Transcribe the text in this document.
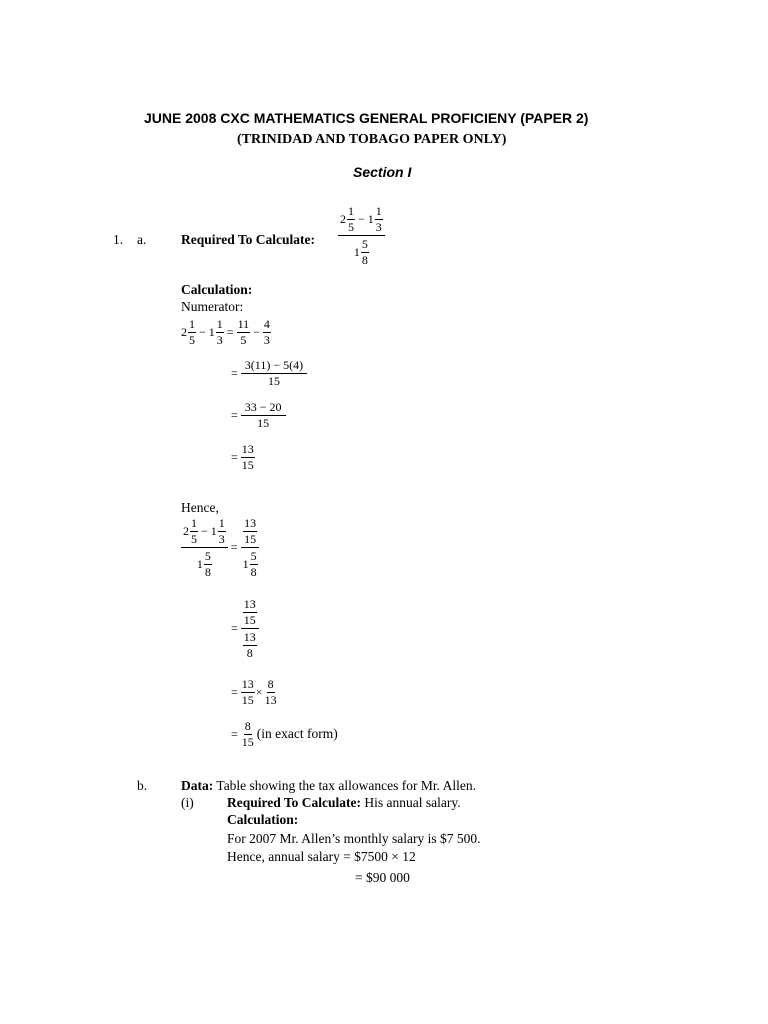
JUNE 2008 CXC MATHEMATICS GENERAL PROFICIENY (PAPER 2)
(TRINIDAD AND TOBAGO PAPER ONLY)
Section I
1. a.	Required To Calculate: $\frac{2 \frac{1}{5} - 1 \frac{1}{3}}{1 \frac{5}{8}}$
Calculation:
Numerator:
$2 \frac{1}{5} - 1 \frac{1}{3} = \frac{11}{5} - \frac{4}{3}$
= $\frac{3(11) - 5(4)}{15}$
= $\frac{33 - 20}{15}$
= $\frac{13}{15}$
Hence,
$\frac{2 \frac{1}{5} - 1 \frac{1}{3}}{1 \frac{5}{8}} = \frac{\frac{13}{15}}{1 \frac{5}{8}}$
= $\frac{\frac{13}{15}}{\frac{13}{8}}$
= $\frac{13}{15} \times \frac{8}{13}$
= $\frac{8}{15} (in$ exact form)
b.	Data: Table showing the tax allowances for Mr. Allen.
(i) Required To Calculate: His annual salary.
Calculation:
For 2007 Mr. Allen’s monthly salary is $7 500.
Hence, annual salary = $7500 × 12
= $90 000
